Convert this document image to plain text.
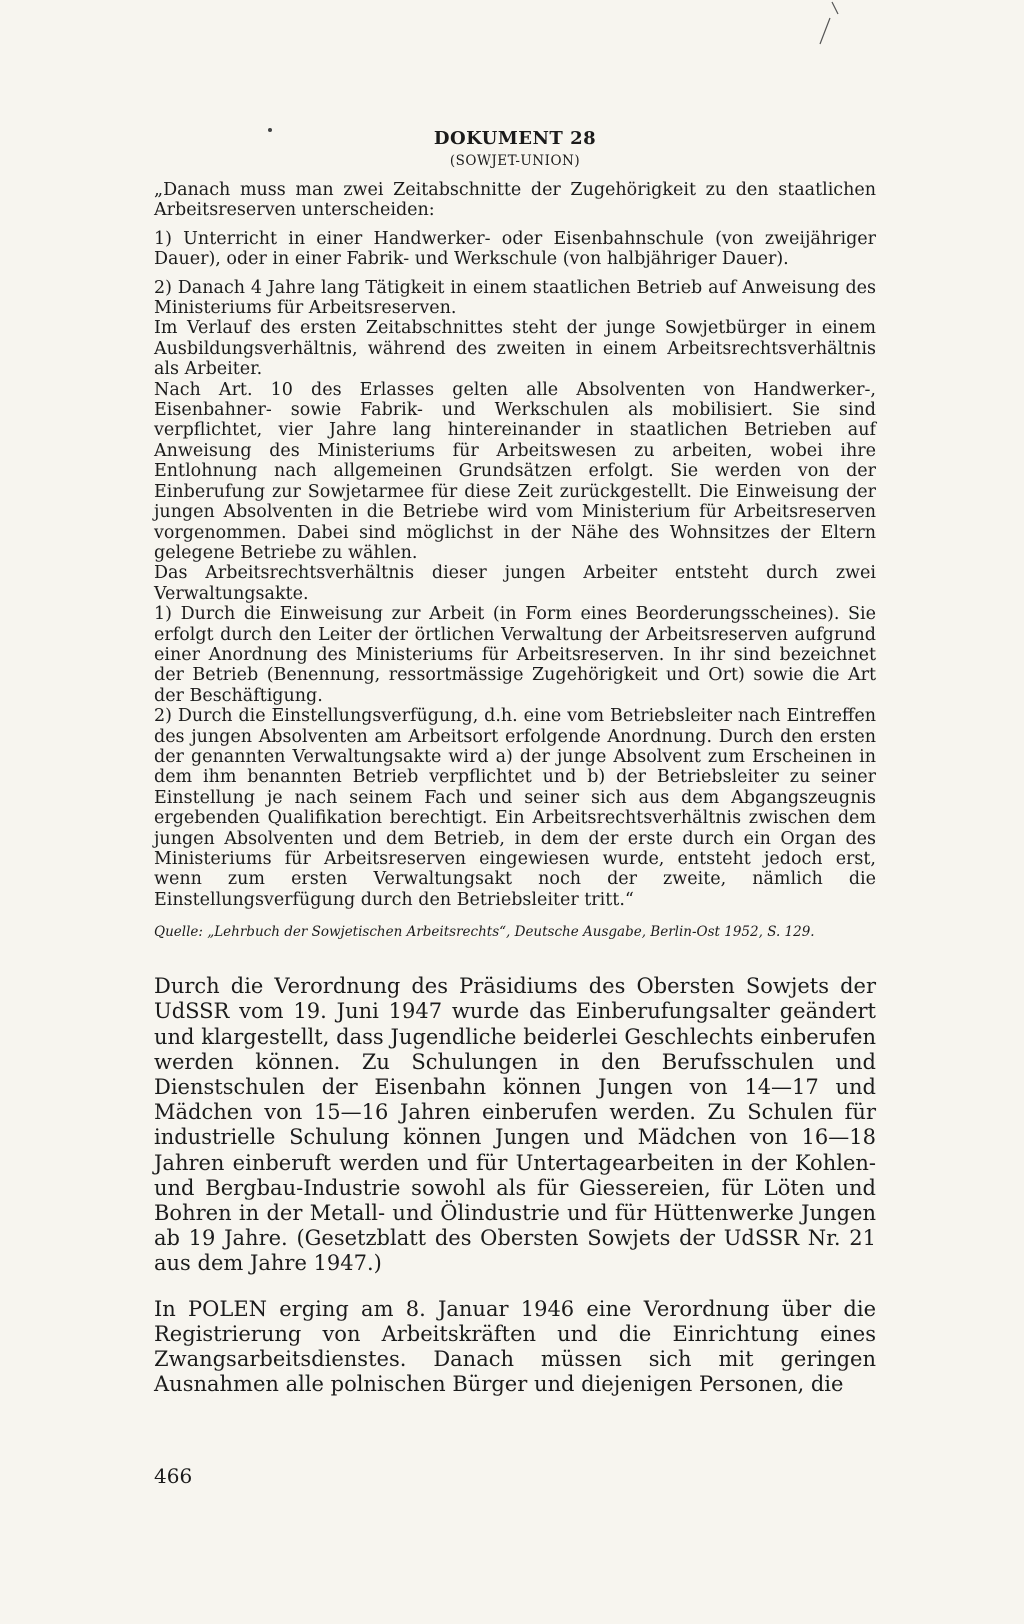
DOKUMENT 28
(SOWJET-UNION)

„Danach muss man zwei Zeitabschnitte der Zugehörigkeit zu den staatlichen Arbeitsreserven unterscheiden:

1) Unterricht in einer Handwerker- oder Eisenbahnschule (von zweijähriger Dauer), oder in einer Fabrik- und Werkschule (von halbjähriger Dauer).

2) Danach 4 Jahre lang Tätigkeit in einem staatlichen Betrieb auf Anweisung des Ministeriums für Arbeitsreserven.

Im Verlauf des ersten Zeitabschnittes steht der junge Sowjetbürger in einem Ausbildungsverhältnis, während des zweiten in einem Arbeitsrechtsverhältnis als Arbeiter.

Nach Art. 10 des Erlasses gelten alle Absolventen von Handwerker-, Eisenbahner- sowie Fabrik- und Werkschulen als mobilisiert. Sie sind verpflichtet, vier Jahre lang hintereinander in staatlichen Betrieben auf Anweisung des Ministeriums für Arbeitswesen zu arbeiten, wobei ihre Entlohnung nach allgemeinen Grundsätzen erfolgt. Sie werden von der Einberufung zur Sowjetarmee für diese Zeit zurückgestellt. Die Einweisung der jungen Absolventen in die Betriebe wird vom Ministerium für Arbeitsreserven vorgenommen. Dabei sind möglichst in der Nähe des Wohnsitzes der Eltern gelegene Betriebe zu wählen.

Das Arbeitsrechtsverhältnis dieser jungen Arbeiter entsteht durch zwei Verwaltungsakte.

1) Durch die Einweisung zur Arbeit (in Form eines Beorderungsscheines). Sie erfolgt durch den Leiter der örtlichen Verwaltung der Arbeitsreserven aufgrund einer Anordnung des Ministeriums für Arbeitsreserven. In ihr sind bezeichnet der Betrieb (Benennung, ressortmässige Zugehörigkeit und Ort) sowie die Art der Beschäftigung.

2) Durch die Einstellungsverfügung, d.h. eine vom Betriebsleiter nach Eintreffen des jungen Absolventen am Arbeitsort erfolgende Anordnung. Durch den ersten der genannten Verwaltungsakte wird a) der junge Absolvent zum Erscheinen in dem ihm benannten Betrieb verpflichtet und b) der Betriebsleiter zu seiner Einstellung je nach seinem Fach und seiner sich aus dem Abgangszeugnis ergebenden Qualifikation berechtigt. Ein Arbeitsrechtsverhältnis zwischen dem jungen Absolventen und dem Betrieb, in dem der erste durch ein Organ des Ministeriums für Arbeitsreserven eingewiesen wurde, entsteht jedoch erst, wenn zum ersten Verwaltungsakt noch der zweite, nämlich die Einstellungsverfügung durch den Betriebsleiter tritt.“

Quelle: „Lehrbuch der Sowjetischen Arbeitsrechts“, Deutsche Ausgabe, Berlin-Ost 1952, S. 129.

Durch die Verordnung des Präsidiums des Obersten Sowjets der UdSSR vom 19. Juni 1947 wurde das Einberufungsalter geändert und klargestellt, dass Jugendliche beiderlei Geschlechts einberufen werden können. Zu Schulungen in den Berufsschulen und Dienstschulen der Eisenbahn können Jungen von 14—17 und Mädchen von 15—16 Jahren einberufen werden. Zu Schulen für industrielle Schulung können Jungen und Mädchen von 16—18 Jahren einberuft werden und für Untertagearbeiten in der Kohlen- und Bergbau-Industrie sowohl als für Giessereien, für Löten und Bohren in der Metall- und Ölindustrie und für Hüttenwerke Jungen ab 19 Jahre. (Gesetzblatt des Obersten Sowjets der UdSSR Nr. 21 aus dem Jahre 1947.)

In POLEN erging am 8. Januar 1946 eine Verordnung über die Registrierung von Arbeitskräften und die Einrichtung eines Zwangsarbeitsdienstes. Danach müssen sich mit geringen Ausnahmen alle polnischen Bürger und diejenigen Personen, die

466
